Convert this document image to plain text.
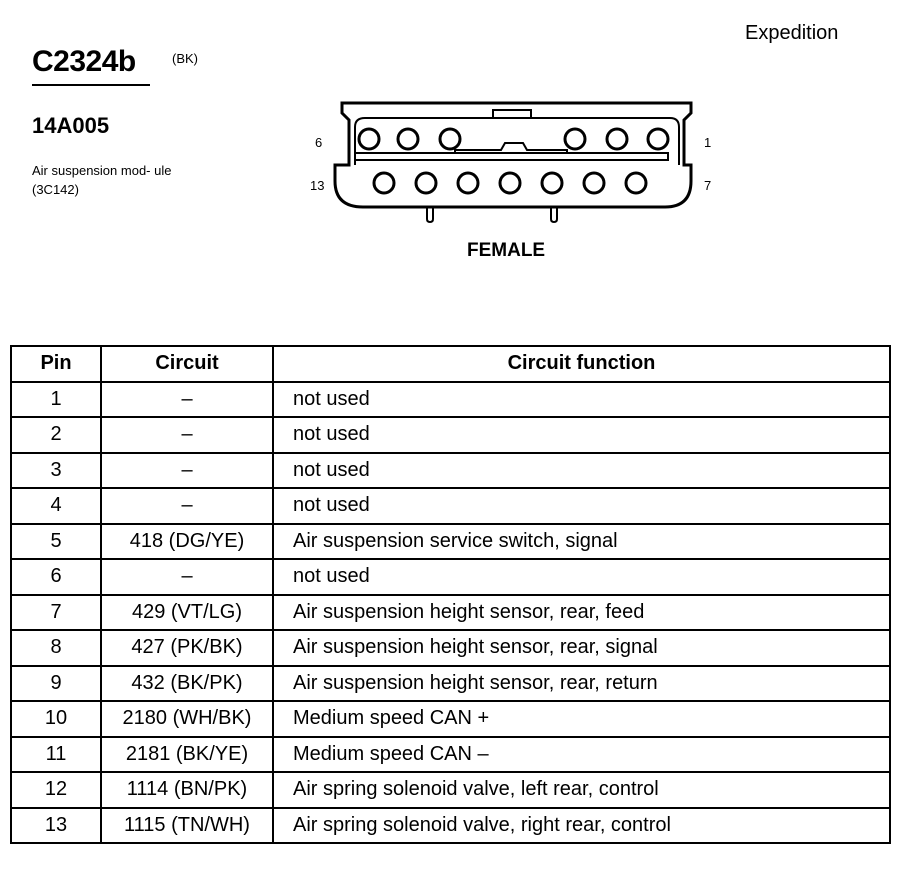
Expedition
C2324b	(BK)
14A005
Air suspension mod- ule (3C142)
6	1
13	7
FEMALE
Pin	Circuit	Circuit function
1	–	not used
2	–	not used
3	–	not used
4	–	not used
5	418 (DG/YE)	Air suspension service switch, signal
6	–	not used
7	429 (VT/LG)	Air suspension height sensor, rear, feed
8	427 (PK/BK)	Air suspension height sensor, rear, signal
9	432 (BK/PK)	Air suspension height sensor, rear, return
10	2180 (WH/BK)	Medium speed CAN +
11	2181 (BK/YE)	Medium speed CAN –
12	1114 (BN/PK)	Air spring solenoid valve, left rear, control
13	1115 (TN/WH)	Air spring solenoid valve, right rear, control
